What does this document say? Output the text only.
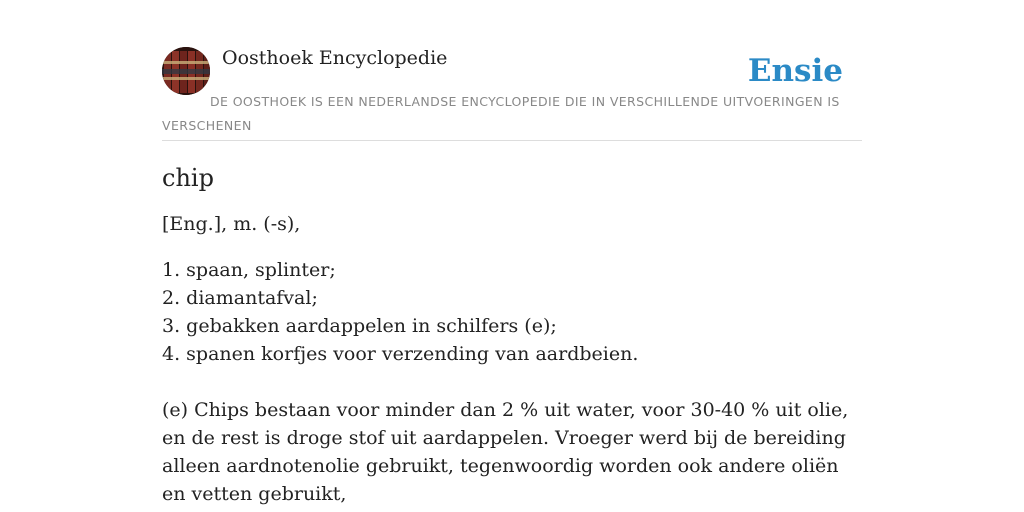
Oosthoek Encyclopedie	Ensie
DE OOSTHOEK IS EEN NEDERLANDSE ENCYCLOPEDIE DIE IN VERSCHILLENDE UITVOERINGEN IS VERSCHENEN
chip

[Eng.], m. (-s),

1. spaan, splinter;
2. diamantafval;
3. gebakken aardappelen in schilfers (e);
4. spanen korfjes voor verzending van aardbeien.

(e) Chips bestaan voor minder dan 2 % uit water, voor 30-40 % uit olie, en de rest is droge stof uit aardappelen. Vroeger werd bij de bereiding alleen aardnotenolie gebruikt, tegenwoordig worden ook andere oliën en vetten gebruikt,
